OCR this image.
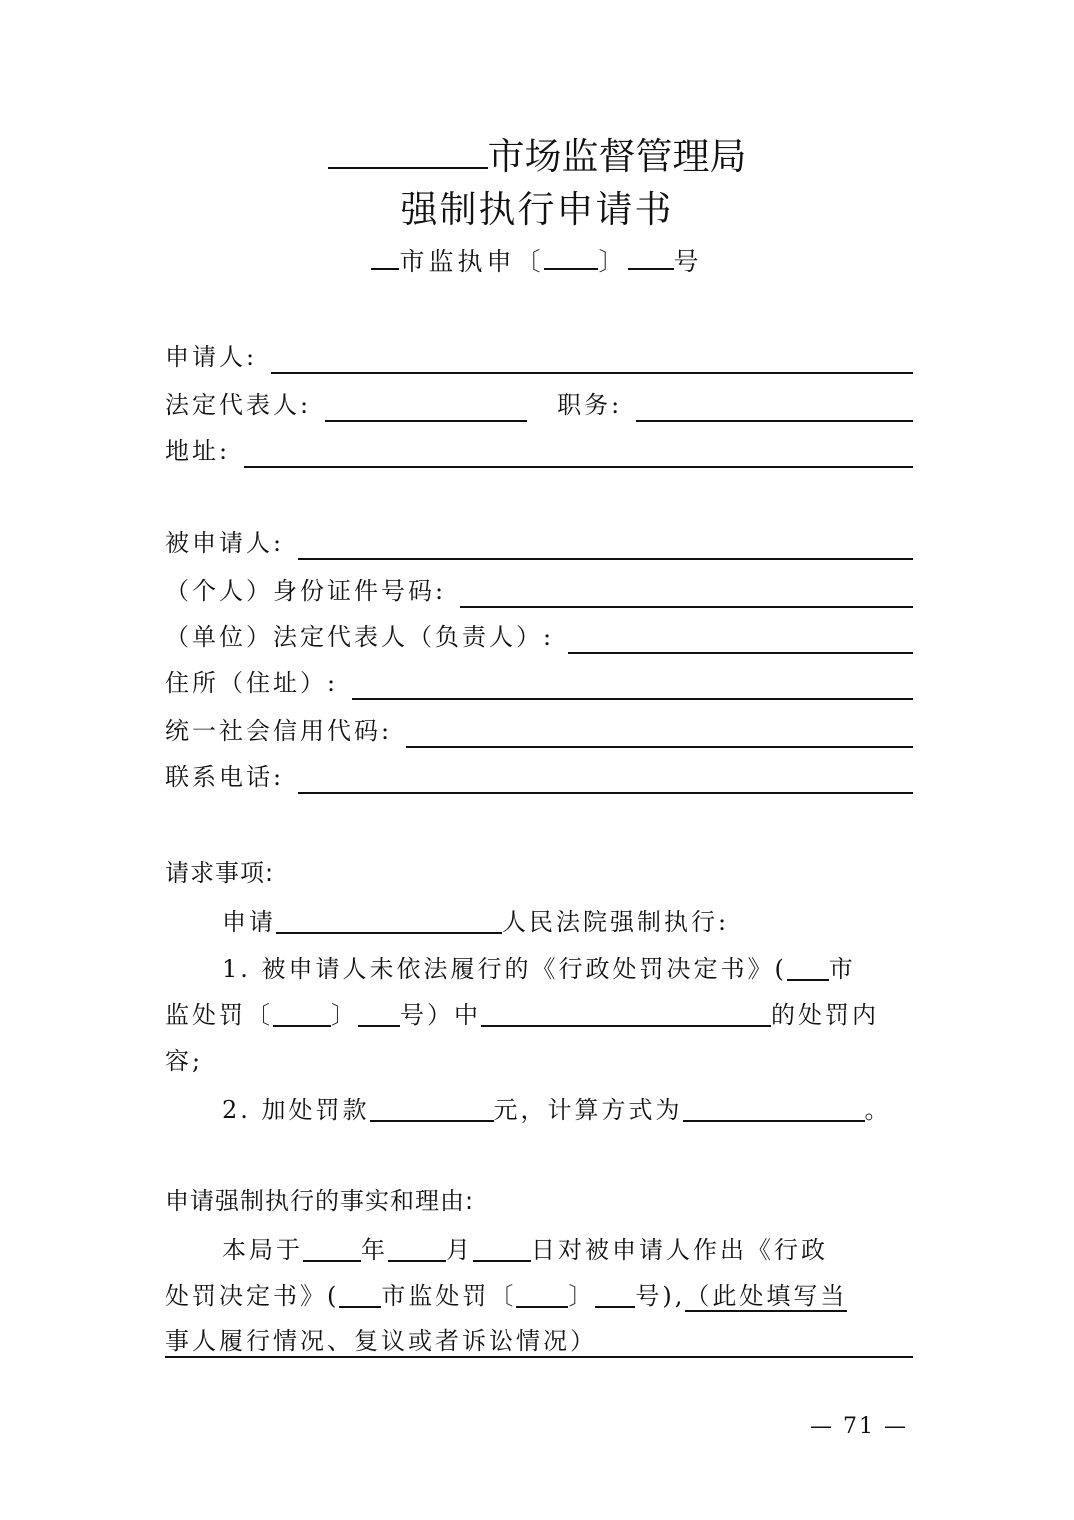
市场监督管理局
强制执行申请书
市监执申〔 〕 号
申请人:
法定代表人:	职务:
地址:
被申请人:
（个人）身份证件号码:
（单位）法定代表人（负责人）:
住所（住址）:
统一社会信用代码:
联系电话:
请求事项:
申请	人民法院强制执行:
1. 被申请人未依法履行的《行政处罚决定书》( 市
监处罚〔 〕 号）中	的处罚内
容;
2. 加处罚款	元，计算方式为	。
申请强制执行的事实和理由:
本局于 年 月 日对被申请人作出《行政
处罚决定书》( 市监处罚〔 〕 号),（此处填写当
事人履行情况、复议或者诉讼情况）
— 71 —
